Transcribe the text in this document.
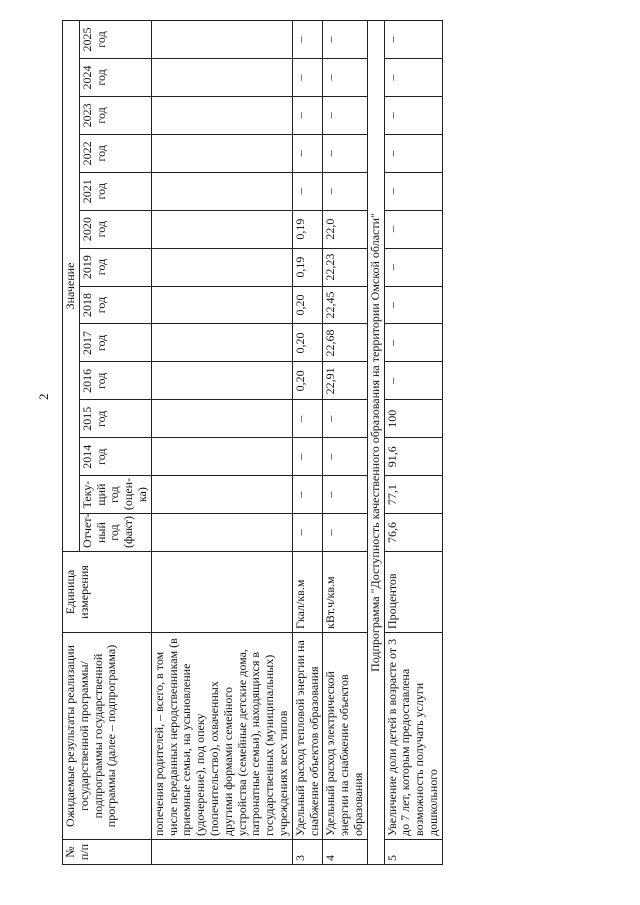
2
№ п/п	Ожидаемые результаты реализации государственной программы/подпрограммы государственной программы (далее – подпрограмма)	Единица измерения	Значение													
			Отчет-ный год (факт)	Теку-щий год (оцен-ка)	2014 год	2015 год	2016 год	2017 год	2018 год	2019 год	2020 год	2021 год	2022 год	2023 год	2024 год	2025 год
	попечения родителей, – всего, в том числе переданных неродственникам (в приемные семьи, на усыновление (удочерение), под опеку (попечительство), охваченных другими формами семейного устройства (семейные детские дома, патронатные семьи), находящихся в государственных (муниципальных) учреждениях всех типов															
3	Удельный расход тепловой энергии на снабжение объектов образования	Гкал/кв.м	–	–	–	–	0,20	0,20	0,20	0,19	0,19	–	–	–	–	–
4	Удельный расход электрической энергии на снабжение объектов образования	кВт.ч/кв.м	–	–	–	–	22,91	22,68	22,45	22,23	22,0	–	–	–	–	–
Подпрограмма "Доступность качественного образования на территории Омской области"																
5	Увеличение доли детей в возрасте от 3 до 7 лет, которым предоставлена возможность получать услуги дошкольного	Процентов	76,6	77,1	91,6	100	–	–	–	–	–	–	–	–	–	–
